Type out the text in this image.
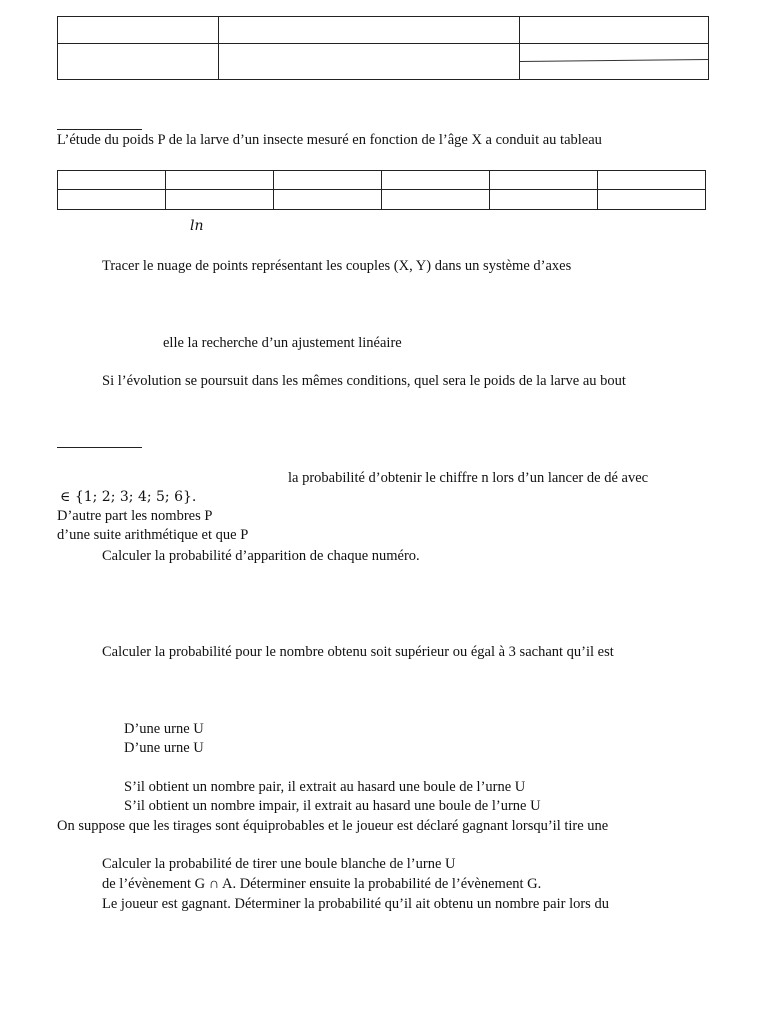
L’étude du poids P de la larve d’un insecte mesuré en fonction de l’âge X a conduit au tableau

ln
Tracer le nuage de points représentant les couples (X, Y) dans un système d’axes
elle la recherche d’un ajustement linéaire
Si l’évolution se poursuit dans les mêmes conditions, quel sera le poids de la larve au bout
la probabilité d’obtenir le chiffre n lors d’un lancer de dé avec
∈ {1; 2; 3; 4; 5; 6}.
D’autre part les nombres P
d’une suite arithmétique et que P
Calculer la probabilité d’apparition de chaque numéro.
Calculer la probabilité pour le nombre obtenu soit supérieur ou égal à 3 sachant qu’il est
D’une urne U
D’une urne U
S’il obtient un nombre pair, il extrait au hasard une boule de l’urne U
S’il obtient un nombre impair, il extrait au hasard une boule de l’urne U
On suppose que les tirages sont équiprobables et le joueur est déclaré gagnant lorsqu’il tire une
Calculer la probabilité de tirer une boule blanche de l’urne U
de l’évènement G ∩ A. Déterminer ensuite la probabilité de l’évènement G.
Le joueur est gagnant. Déterminer la probabilité qu’il ait obtenu un nombre pair lors du
